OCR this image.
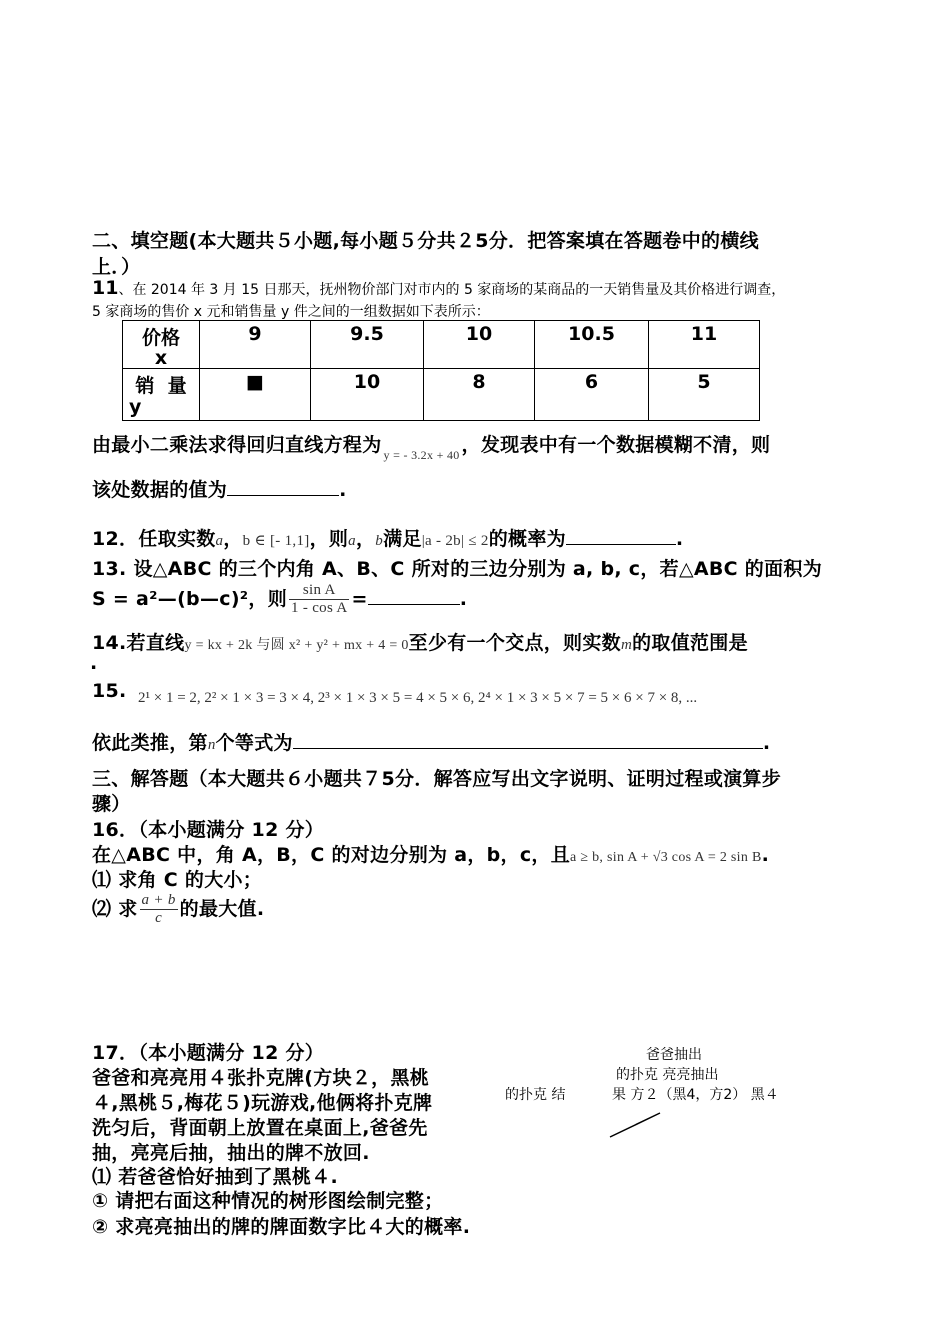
二、填空题(本大题共５小题,每小题５分共２5分．把答案填在答题卷中的横线
上．）
11、在 2014 年 3 月 15 日那天，抚州物价部门对市内的 5 家商场的某商品的一天销售量及其价格进行调查，
5 家商场的售价 x 元和销售量 y 件之间的一组数据如下表所示：
价格
x	9	9.5	10	10.5	11

销  量
y	■	10	8	6	5
由最小二乘法求得回归直线方程为 $_{y = - 3.2x + 40}$ ，发现表中有一个数据模糊不清，则
该处数据的值为	.
12．任取实数a，b ∈ [- 1,1]，则a，b满足|a - 2b| ≤ 2的概率为	.
13. 设△ABC 的三个内角 A、B、C 所对的三边分别为 a, b, c，若△ABC 的面积为
S = a²—(b—c)²，则 $\frac{\text{sin A}}{\text{1 - cos A}}$ =	.
14.若直线y = kx + 2k 与圆 x² + y² + mx + 4 = 0至少有一个交点，则实数m的取值范围是
.
15. 2¹ × 1 = 2, 2² × 1 × 3 = 3 × 4, 2³ × 1 × 3 × 5 = 4 × 5 × 6, 2⁴ × 1 × 3 × 5 × 7 = 5 × 6 × 7 × 8, ...
依此类推，第n个等式为	.
三、解答题（本大题共６小题共７5分．解答应写出文字说明、证明过程或演算步
骤）
16．（本小题满分 12 分）
在△ABC 中，角 A，B，C 的对边分别为 a，b，c，且a ≥ b, sin A + √3 cos A = 2 sin B.
⑴ 求角 C 的大小；
⑵ 求 $\frac{a + b}{c}$ 的最大值.
17．（本小题满分 12 分）
爸爸和亮亮用４张扑克牌(方块２，黑桃
４,黑桃５,梅花５)玩游戏,他俩将扑克牌
洗匀后，背面朝上放置在桌面上,爸爸先
抽，亮亮后抽，抽出的牌不放回.
⑴ 若爸爸恰好抽到了黑桃４.
① 请把右面这种情况的树形图绘制完整；
② 求亮亮抽出的牌的牌面数字比４大的概率.
爸爸抽出
的扑克 亮亮抽出
的扑克 结	果 方２（黑4，方2） 黑４
